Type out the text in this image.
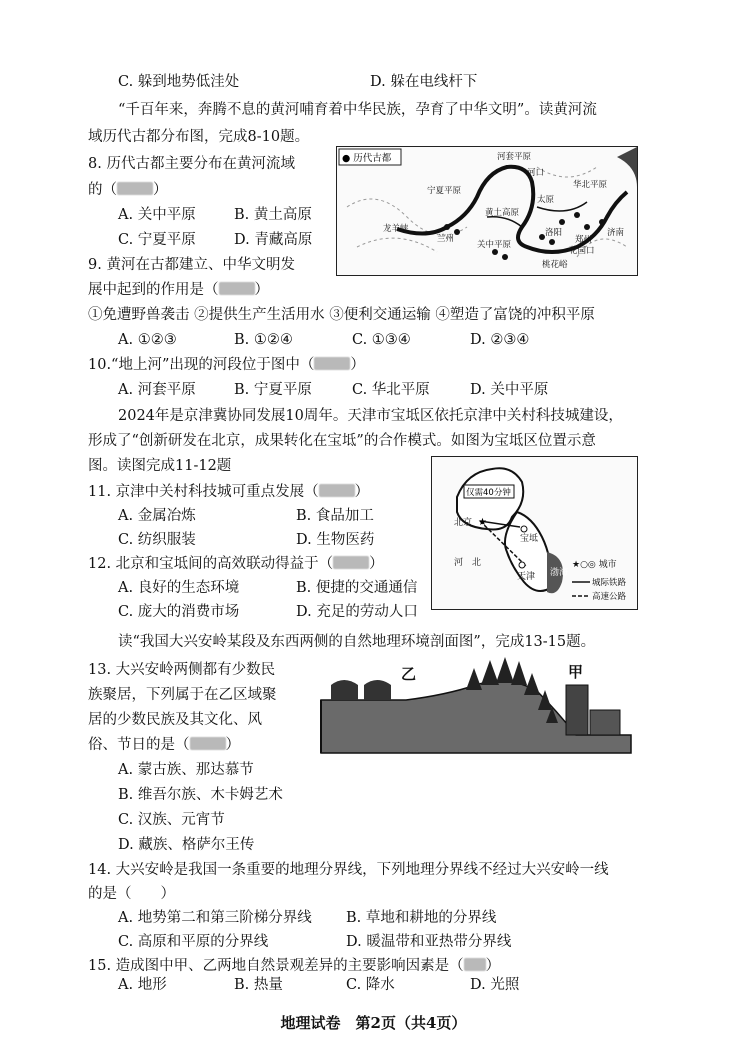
C. 躲到地势低洼处	D. 躲在电线杆下
“千百年来，奔腾不息的黄河哺育着中华民族，孕育了中华文明”。读黄河流
域历代古都分布图，完成8-10题。
8. 历代古都主要分布在黄河流域
的（ ）
A. 关中平原	B. 黄土高原
C. 宁夏平原	D. 青藏高原
● 历代古都	河套平原
宁夏平原
黄土高原
兰州
龙羊峡
太原
河口
华北平原
洛阳
郑州
济南
花园口
关中平原
桃花峪
9. 黄河在古都建立、中华文明发
展中起到的作用是（ ）
①免遭野兽袭击 ②提供生产生活用水 ③便利交通运输 ④塑造了富饶的冲积平原
A. ①②③	B. ①②④	C. ①③④	D. ②③④
10.“地上河”出现的河段位于图中（ ）
A. 河套平原	B. 宁夏平原	C. 华北平原	D. 关中平原
2024年是京津冀协同发展10周年。天津市宝坻区依托京津中关村科技城建设，
形成了“创新研发在北京，成果转化在宝坻”的合作模式。如图为宝坻区位置示意
图。读图完成11-12题
11. 京津中关村科技城可重点发展（ ）
A. 金属冶炼	B. 食品加工
C. 纺织服装	D. 生物医药
12. 北京和宝坻间的高效联动得益于（ ）
A. 良好的生态环境	B. 便捷的交通通信
C. 庞大的消费市场	D. 充足的劳动人口
仅需40分钟
★
北京
天津
河 北
宝坻
渤海
★○◎ 城市
城际铁路
高速公路
读“我国大兴安岭某段及东西两侧的自然地理环境剖面图”，完成13-15题。
13. 大兴安岭两侧都有少数民
族聚居，下列属于在乙区域聚
居的少数民族及其文化、风
俗、节日的是（ ）
A. 蒙古族、那达慕节
B. 维吾尔族、木卡姆艺术
C. 汉族、元宵节
D. 藏族、格萨尔王传
乙	甲
14. 大兴安岭是我国一条重要的地理分界线，下列地理分界线不经过大兴安岭一线
的是（　　）
A. 地势第二和第三阶梯分界线 B. 草地和耕地的分界线
C. 高原和平原的分界线	D. 暖温带和亚热带分界线
15. 造成图中甲、乙两地自然景观差异的主要影响因素是（ ）
A. 地形	B. 热量	C. 降水	D. 光照
地理试卷　第2页（共4页）
